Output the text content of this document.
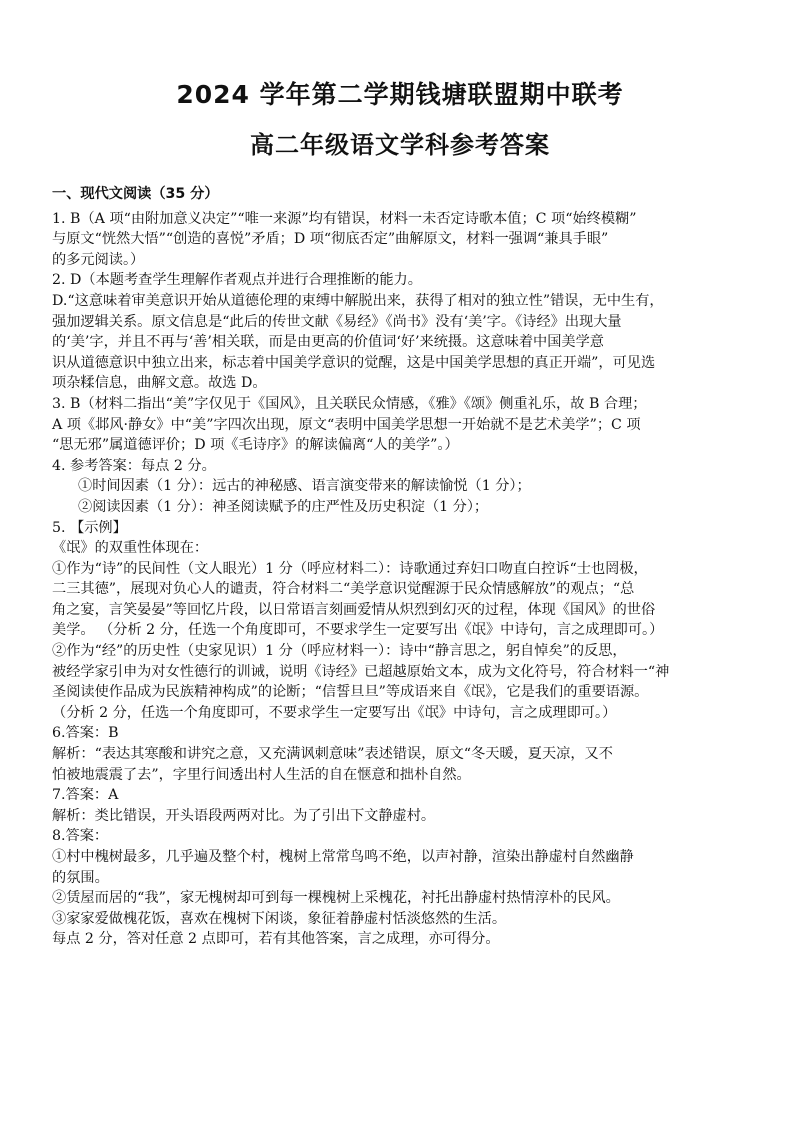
2024 学年第二学期钱塘联盟期中联考
高二年级语文学科参考答案

一、现代文阅读（35 分）

1. B（A 项“由附加意义决定”“唯一来源”均有错误，材料一未否定诗歌本值；C 项“始终模糊”

与原文“恍然大悟”“创造的喜悦”矛盾；D 项“彻底否定”曲解原文，材料一强调“兼具手眼”

的多元阅读。）

2. D（本题考查学生理解作者观点并进行合理推断的能力。

D.“这意味着审美意识开始从道德伦理的束缚中解脱出来，获得了相对的独立性”错误，无中生有，

强加逻辑关系。原文信息是“此后的传世文献《易经》《尚书》没有‘美’字。《诗经》出现大量

的‘美’字，并且不再与‘善’相关联，而是由更高的价值词‘好’来统摄。这意味着中国美学意

识从道德意识中独立出来，标志着中国美学意识的觉醒，这是中国美学思想的真正开端”，可见选

项杂糅信息，曲解文意。故选 D。

3. B（材料二指出“美”字仅见于《国风》，且关联民众情感，《雅》《颂》侧重礼乐，故 B 合理；

A 项《邶风·静女》中“美”字四次出现，原文“表明中国美学思想一开始就不是艺术美学”；C 项

“思无邪”属道德评价；D 项《毛诗序》的解读偏离“人的美学”。）

4. 参考答案：每点 2 分。

①时间因素（1 分）：远古的神秘感、语言演变带来的解读愉悦（1 分）；

②阅读因素（1 分）：神圣阅读赋予的庄严性及历史积淀（1 分）；

5. 【示例】

《氓》的双重性体现在：

①作为“诗”的民间性（文人眼光）1 分（呼应材料二）：诗歌通过弃妇口吻直白控诉“士也罔极，

二三其德”，展现对负心人的谴责，符合材料二“美学意识觉醒源于民众情感解放”的观点；“总

角之宴，言笑晏晏”等回忆片段，以日常语言刻画爱情从炽烈到幻灭的过程，体现《国风》的世俗

美学。 （分析 2 分，任选一个角度即可，不要求学生一定要写出《氓》中诗句，言之成理即可。）

②作为“经”的历史性（史家见识）1 分（呼应材料一）：诗中“静言思之，躬自悼矣”的反思，

被经学家引申为对女性德行的训诫，说明《诗经》已超越原始文本，成为文化符号，符合材料一“神

圣阅读使作品成为民族精神构成”的论断；“信誓旦旦”等成语来自《氓》，它是我们的重要语源。

（分析 2 分，任选一个角度即可，不要求学生一定要写出《氓》中诗句，言之成理即可。）

6.答案：B

解析：“表达其寒酸和讲究之意，又充满讽刺意味”表述错误，原文“冬天暖，夏天凉，又不

怕被地震震了去”，字里行间透出村人生活的自在惬意和拙朴自然。

7.答案：A

解析：类比错误，开头语段两两对比。为了引出下文静虚村。

8.答案：

①村中槐树最多，几乎遍及整个村，槐树上常常鸟鸣不绝，以声衬静，渲染出静虚村自然幽静

的氛围。

②赁屋而居的“我”，家无槐树却可到每一棵槐树上采槐花，衬托出静虚村热情淳朴的民风。

③家家爱做槐花饭，喜欢在槐树下闲谈，象征着静虚村恬淡悠然的生活。

每点 2 分，答对任意 2 点即可，若有其他答案，言之成理，亦可得分。
